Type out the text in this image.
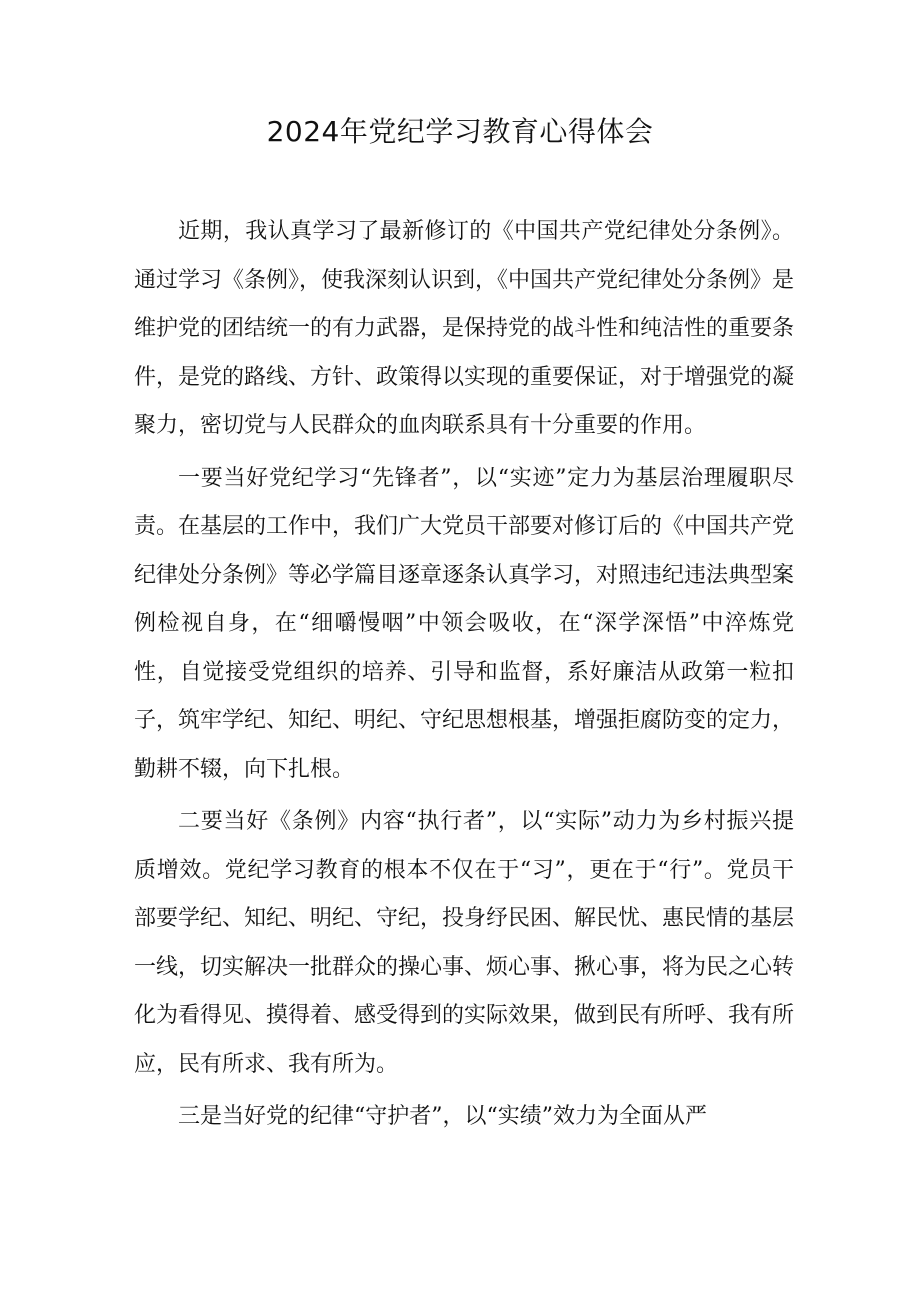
2024年党纪学习教育心得体会

近期，我认真学习了最新修订的《中国共产党纪律处分条例》。通过学习《条例》，使我深刻认识到，《中国共产党纪律处分条例》是维护党的团结统一的有力武器，是保持党的战斗性和纯洁性的重要条件，是党的路线、方针、政策得以实现的重要保证，对于增强党的凝聚力，密切党与人民群众的血肉联系具有十分重要的作用。

一要当好党纪学习“先锋者”，以“实迹”定力为基层治理履职尽责。在基层的工作中，我们广大党员干部要对修订后的《中国共产党纪律处分条例》等必学篇目逐章逐条认真学习，对照违纪违法典型案例检视自身，在“细嚼慢咽”中领会吸收，在“深学深悟”中淬炼党性，自觉接受党组织的培养、引导和监督，系好廉洁从政第一粒扣子，筑牢学纪、知纪、明纪、守纪思想根基，增强拒腐防变的定力，勤耕不辍，向下扎根。

二要当好《条例》内容“执行者”，以“实际”动力为乡村振兴提质增效。党纪学习教育的根本不仅在于“习”，更在于“行”。党员干部要学纪、知纪、明纪、守纪，投身纾民困、解民忧、惠民情的基层一线，切实解决一批群众的操心事、烦心事、揪心事，将为民之心转化为看得见、摸得着、感受得到的实际效果，做到民有所呼、我有所应，民有所求、我有所为。

三是当好党的纪律“守护者”，以“实绩”效力为全面从严
